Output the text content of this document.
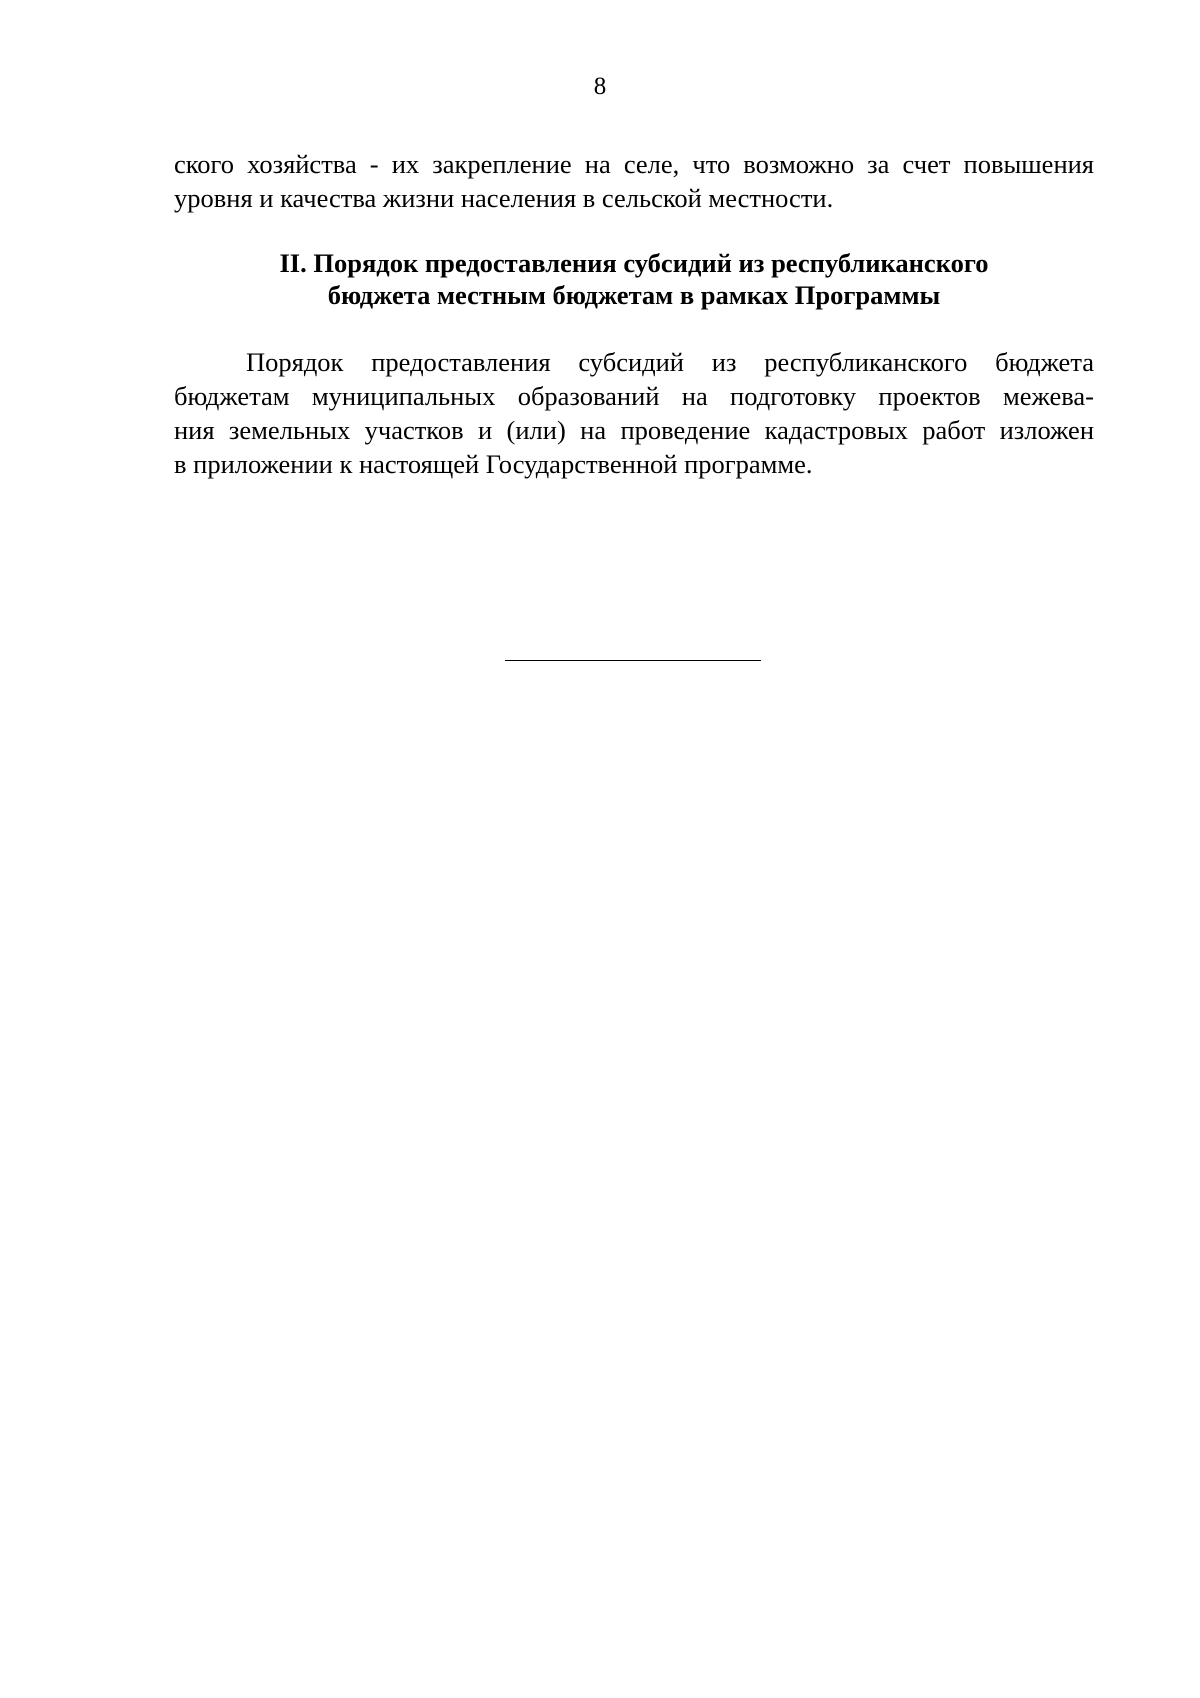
8
ского хозяйства - их закрепление на селе, что возможно за счет повышения
уровня и качества жизни населения в сельской местности.
II. Порядок предоставления субсидий из республиканского
бюджета местным бюджетам в рамках Программы
Порядок предоставления субсидий из республиканского бюджета
бюджетам муниципальных образований на подготовку проектов межева-
ния земельных участков и (или) на проведение кадастровых работ изложен
в приложении к настоящей Государственной программе.
